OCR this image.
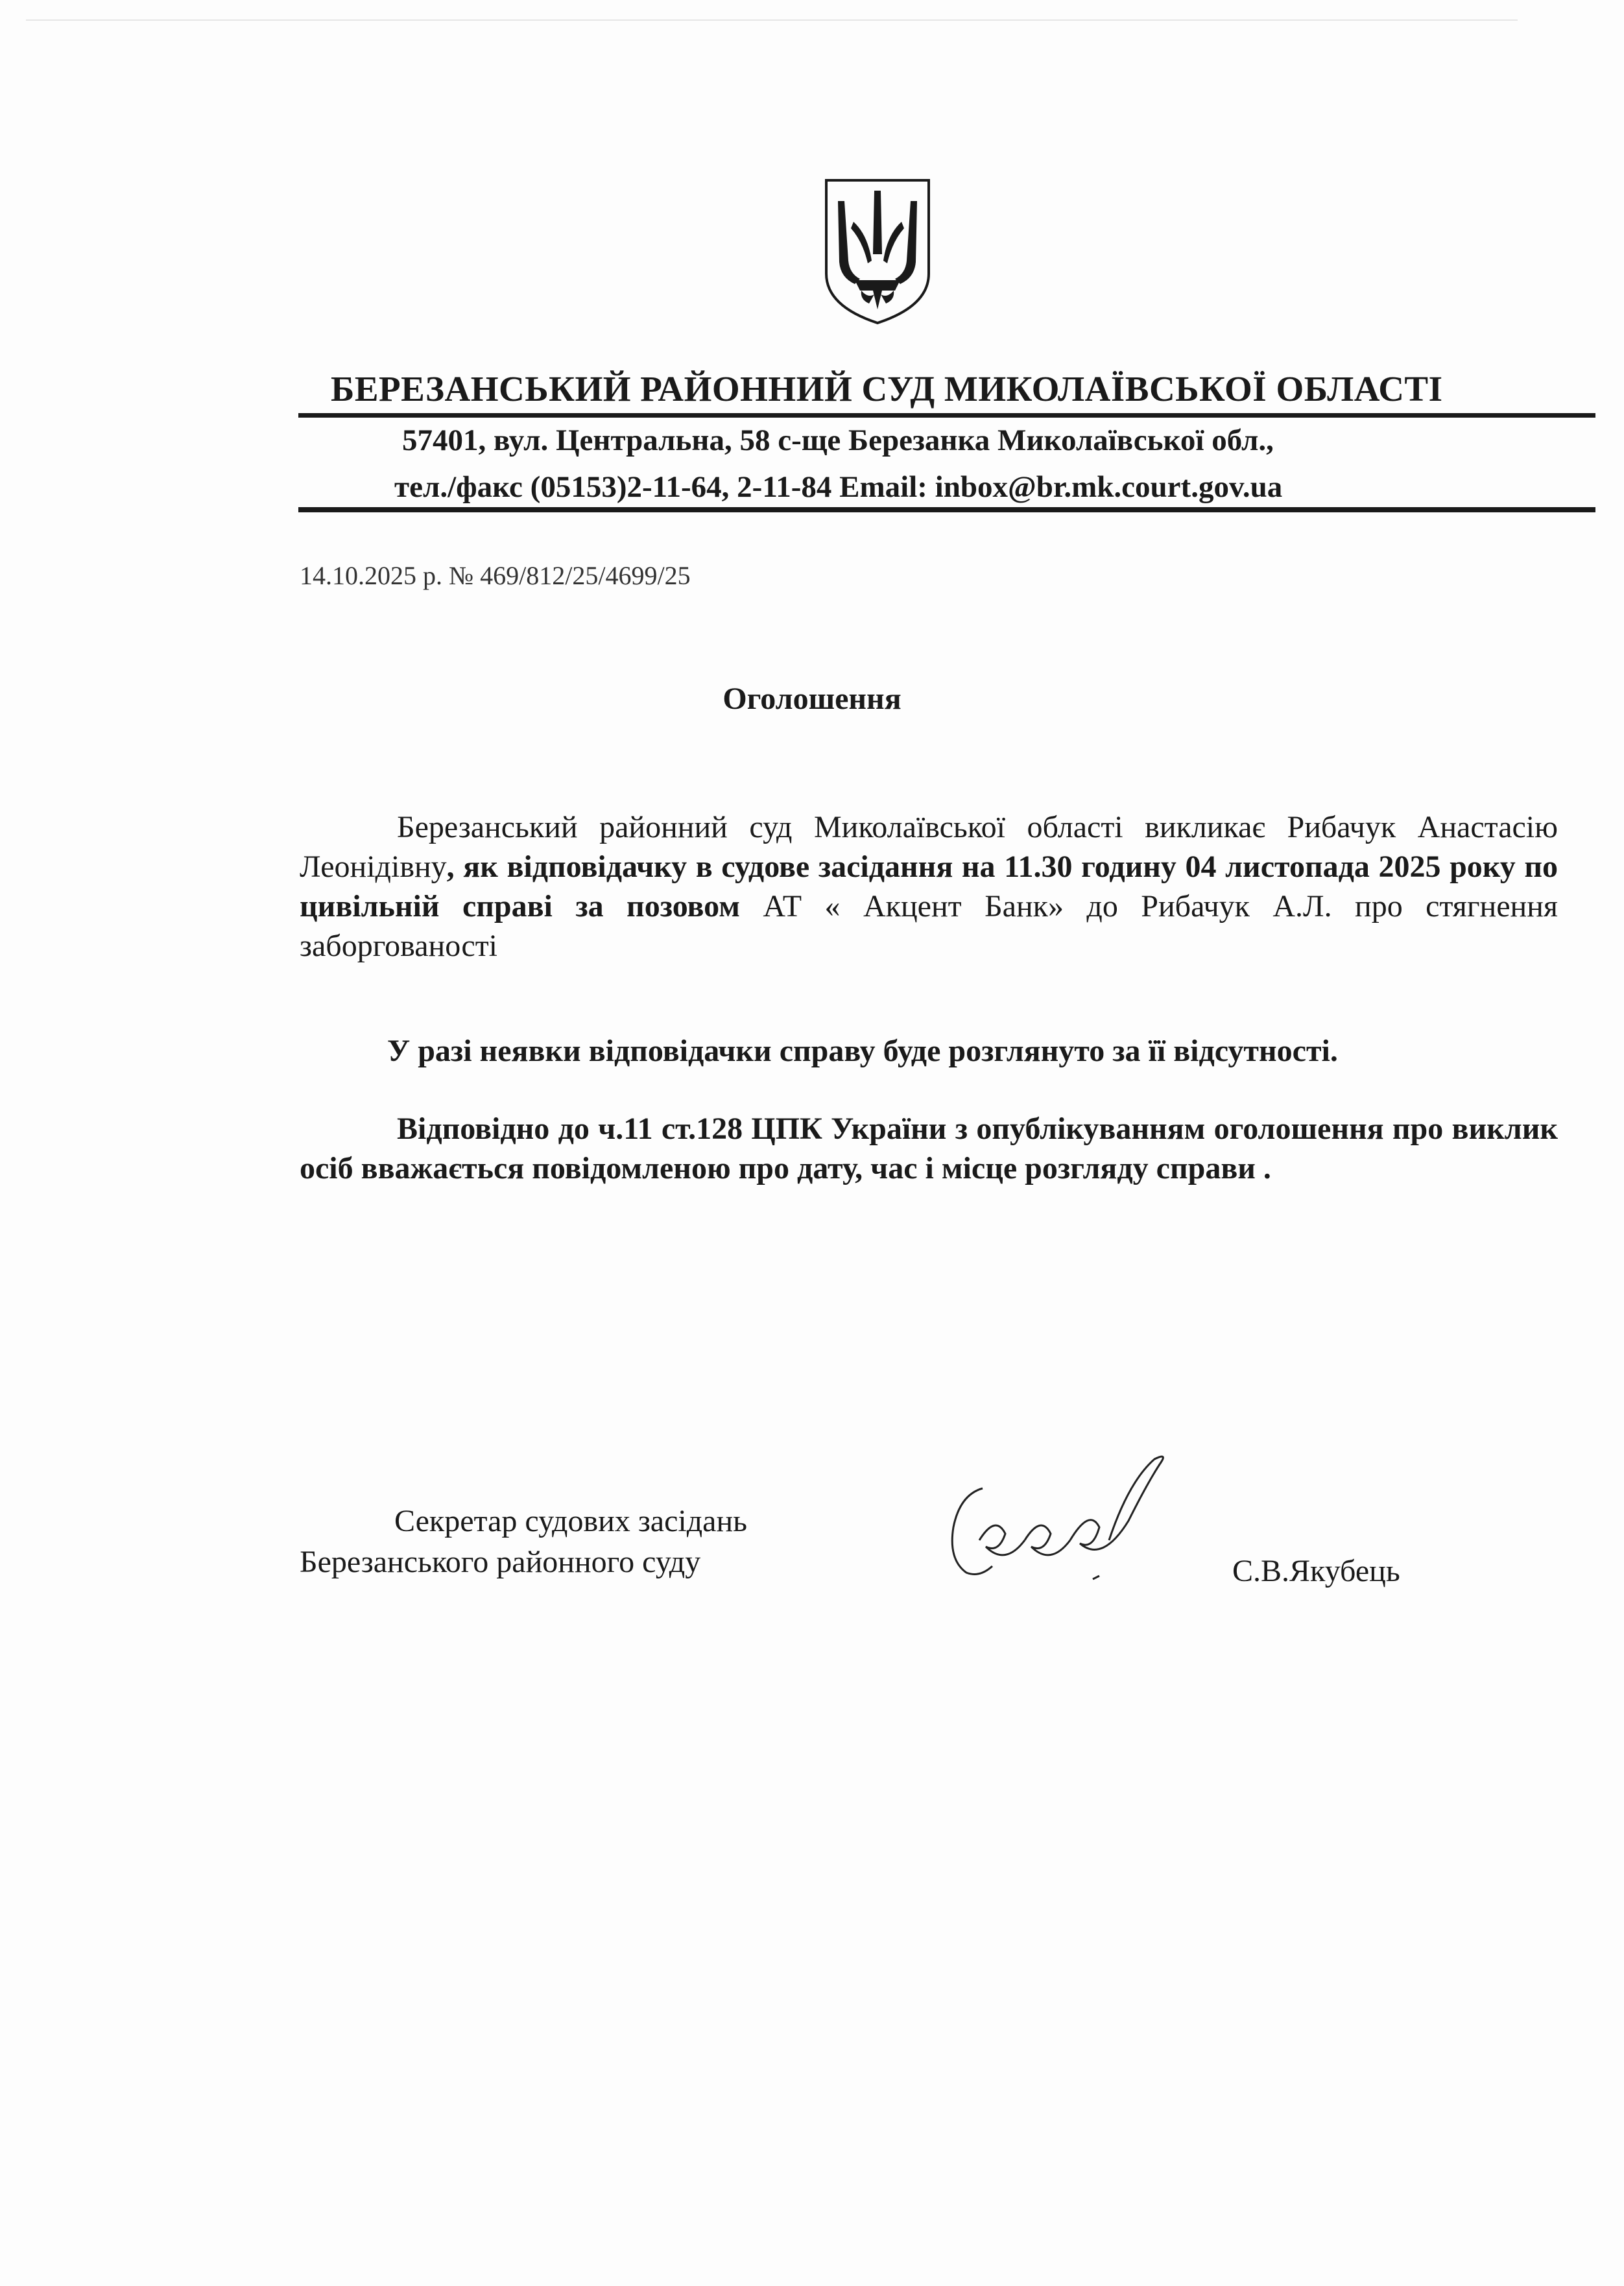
БЕРЕЗАНСЬКИЙ РАЙОННИЙ СУД МИКОЛАЇВСЬКОЇ ОБЛАСТІ
57401, вул. Центральна, 58 с-ще Березанка Миколаївської обл.,
тел./факс (05153)2-11-64, 2-11-84 Email: inbox@br.mk.court.gov.ua
14.10.2025 р. № 469/812/25/4699/25
Оголошення
Березанський районний суд Миколаївської області викликає Рибачук Анастасію Леонідівну, як відповідачку в судове засідання на 11.30 годину 04 листопада 2025 року по цивільній справі за позовом АТ « Акцент Банк» до Рибачук А.Л. про стягнення заборгованості
У разі неявки відповідачки справу буде розглянуто за її відсутності.
Відповідно до ч.11 ст.128 ЦПК України з опублікуванням оголошення про виклик осіб вважається повідомленою про дату, час і місце розгляду справи .
Секретар судових засідань
Березанського районного суду	С.В.Якубець
